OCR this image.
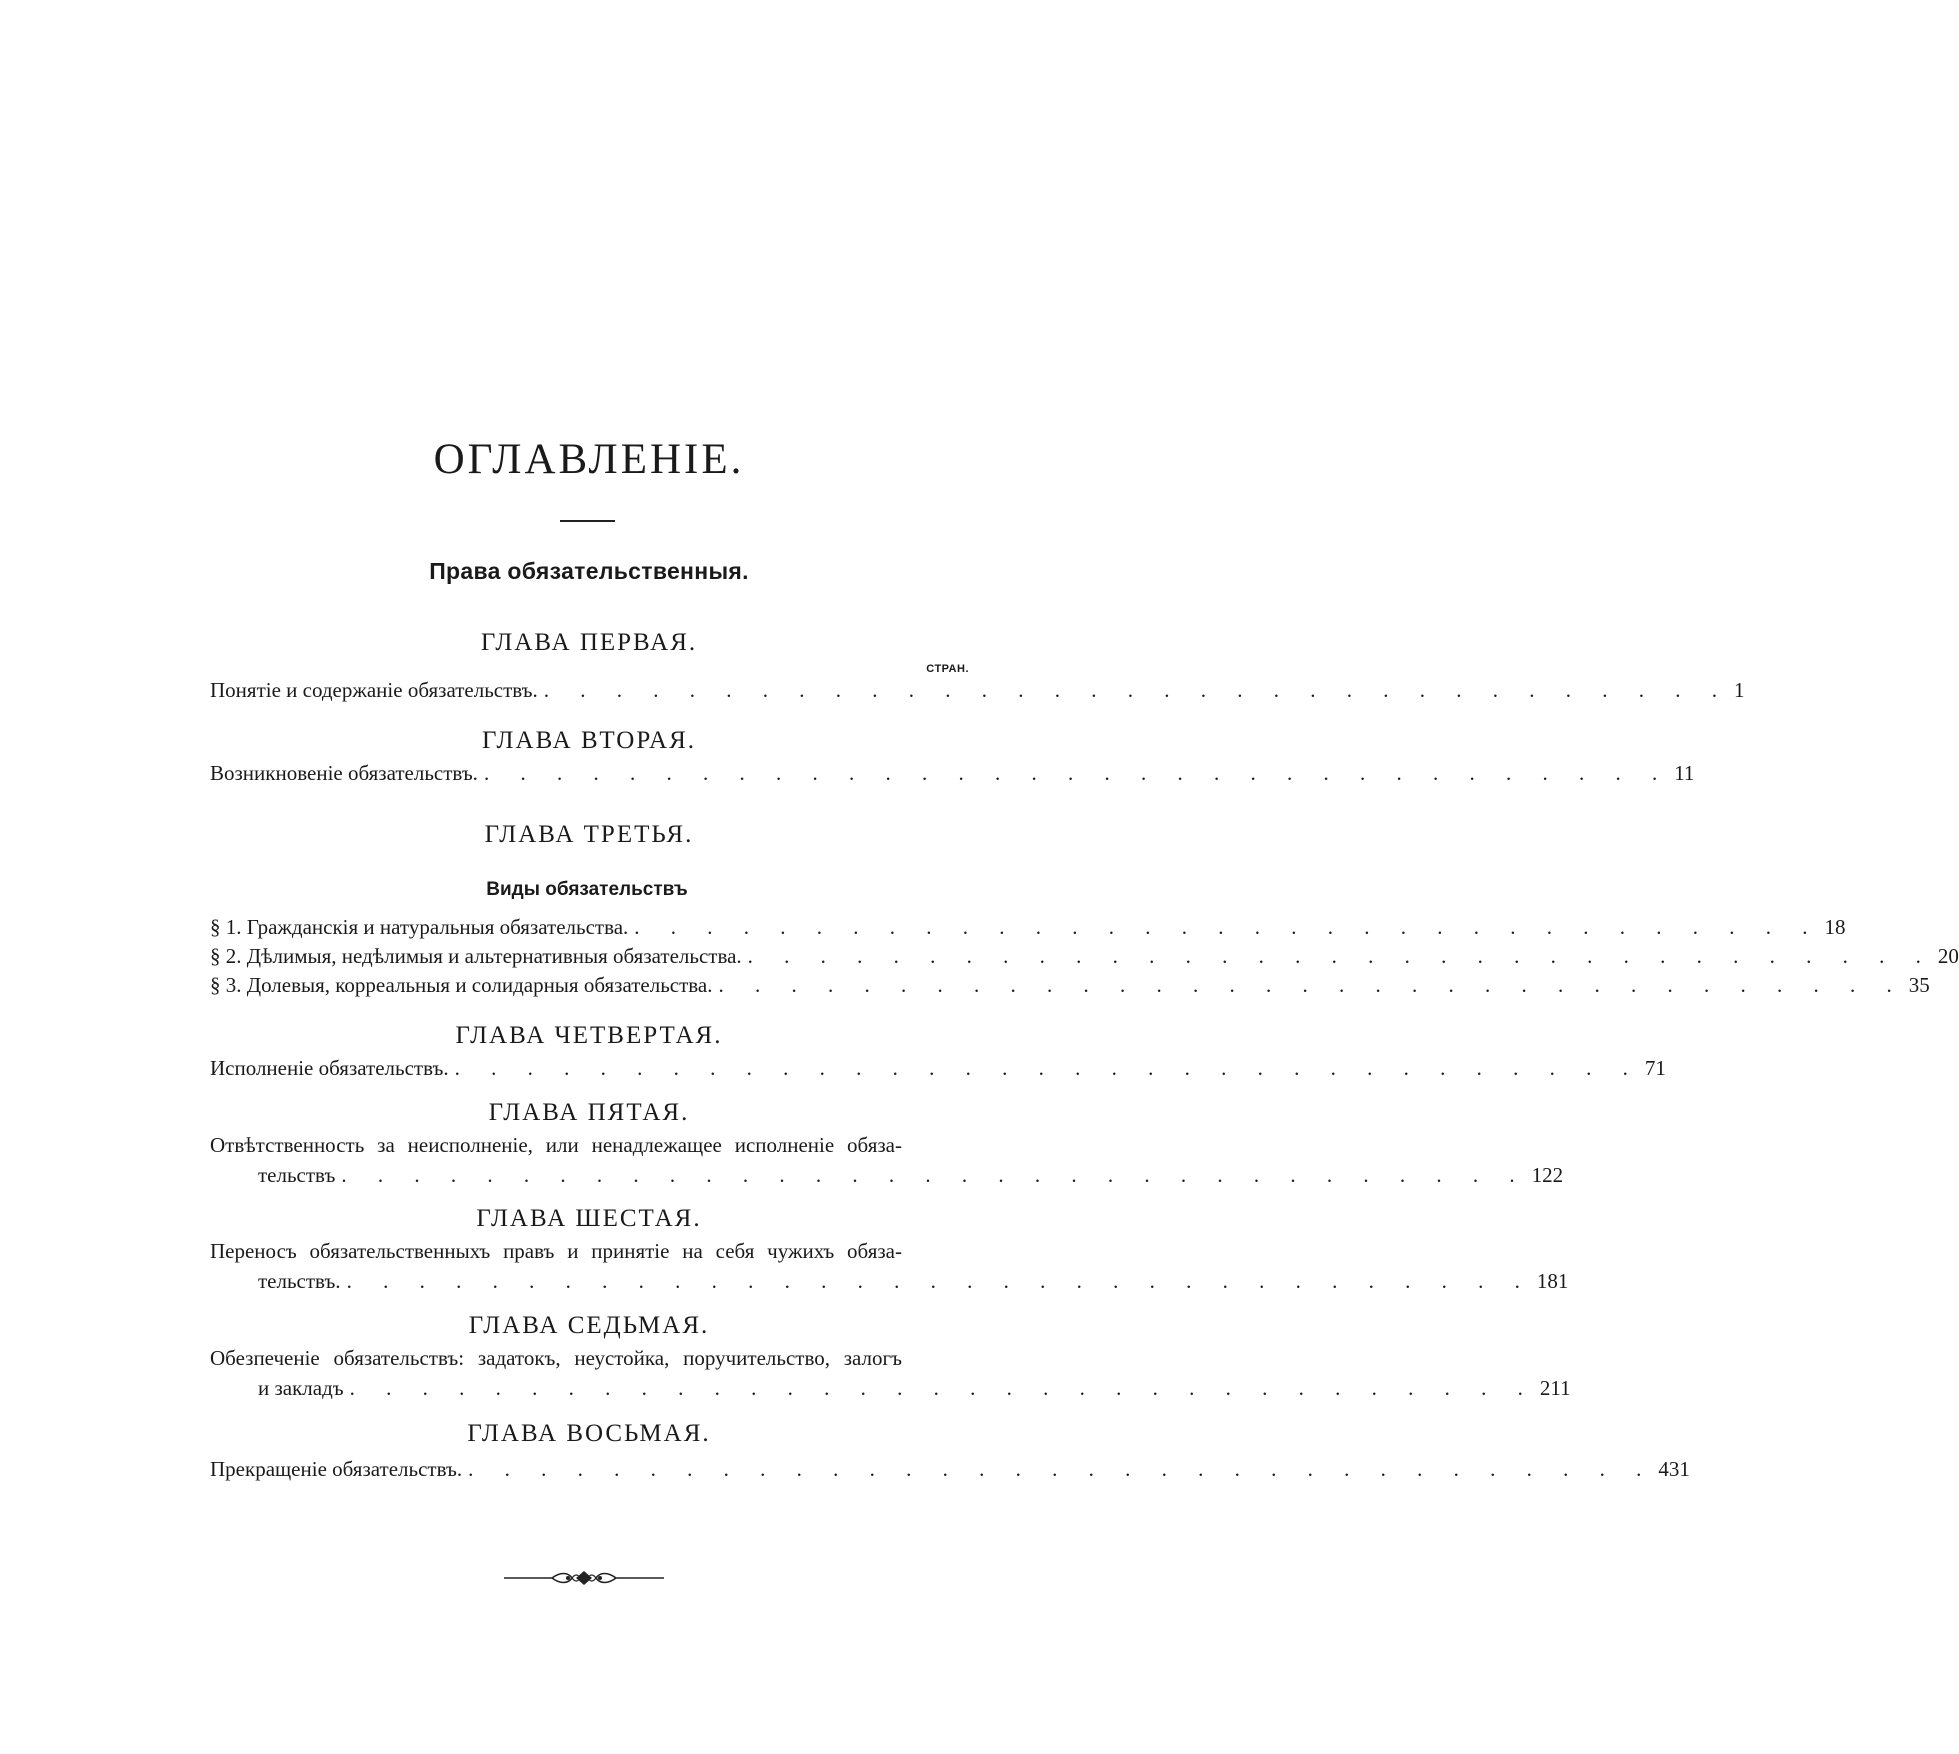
ОГЛАВЛЕНІЕ.
Права обязательственныя.
ГЛАВА ПЕРВАЯ.
СТРАН.
Понятіе и содержаніе обязательствъ. . . . . . . . . . . . . . . . . . . . . . . . . . . . . . . . . . 1
ГЛАВА ВТОРАЯ.
Возникновеніе обязательствъ. . . . . . . . . . . . . . . . . . . . . . . . . . . . . . . . . . 11
ГЛАВА ТРЕТЬЯ.
Виды обязательствъ
§ 1. Гражданскія и натуральныя обязательства. . . . . . . . . . . . . . . . . . . . . . . . . . . . . . . . . . 18
§ 2. Дѣлимыя, недѣлимыя и альтернативныя обязательства. . . . . . . . . . . . . . . . . . . . . . . . . . . . . . . . . . 20
§ 3. Долевыя, корреальныя и солидарныя обязательства. . . . . . . . . . . . . . . . . . . . . . . . . . . . . . . . . . 35
ГЛАВА ЧЕТВЕРТАЯ.
Исполненіе обязательствъ. . . . . . . . . . . . . . . . . . . . . . . . . . . . . . . . . . 71
ГЛАВА ПЯТАЯ.
Отвѣтственность за неисполненіе, или ненадлежащее исполненіе обяза-
тельствъ . . . . . . . . . . . . . . . . . . . . . . . . . . . . . . . . . 122
ГЛАВА ШЕСТАЯ.
Переносъ обязательственныхъ правъ и принятіе на себя чужихъ обяза-
тельствъ. . . . . . . . . . . . . . . . . . . . . . . . . . . . . . . . . . 181
ГЛАВА СЕДЬМАЯ.
Обезпеченіе обязательствъ: задатокъ, неустойка, поручительство, залогъ
и закладъ . . . . . . . . . . . . . . . . . . . . . . . . . . . . . . . . . 211
ГЛАВА ВОСЬМАЯ.
Прекращеніе обязательствъ. . . . . . . . . . . . . . . . . . . . . . . . . . . . . . . . . . 431
